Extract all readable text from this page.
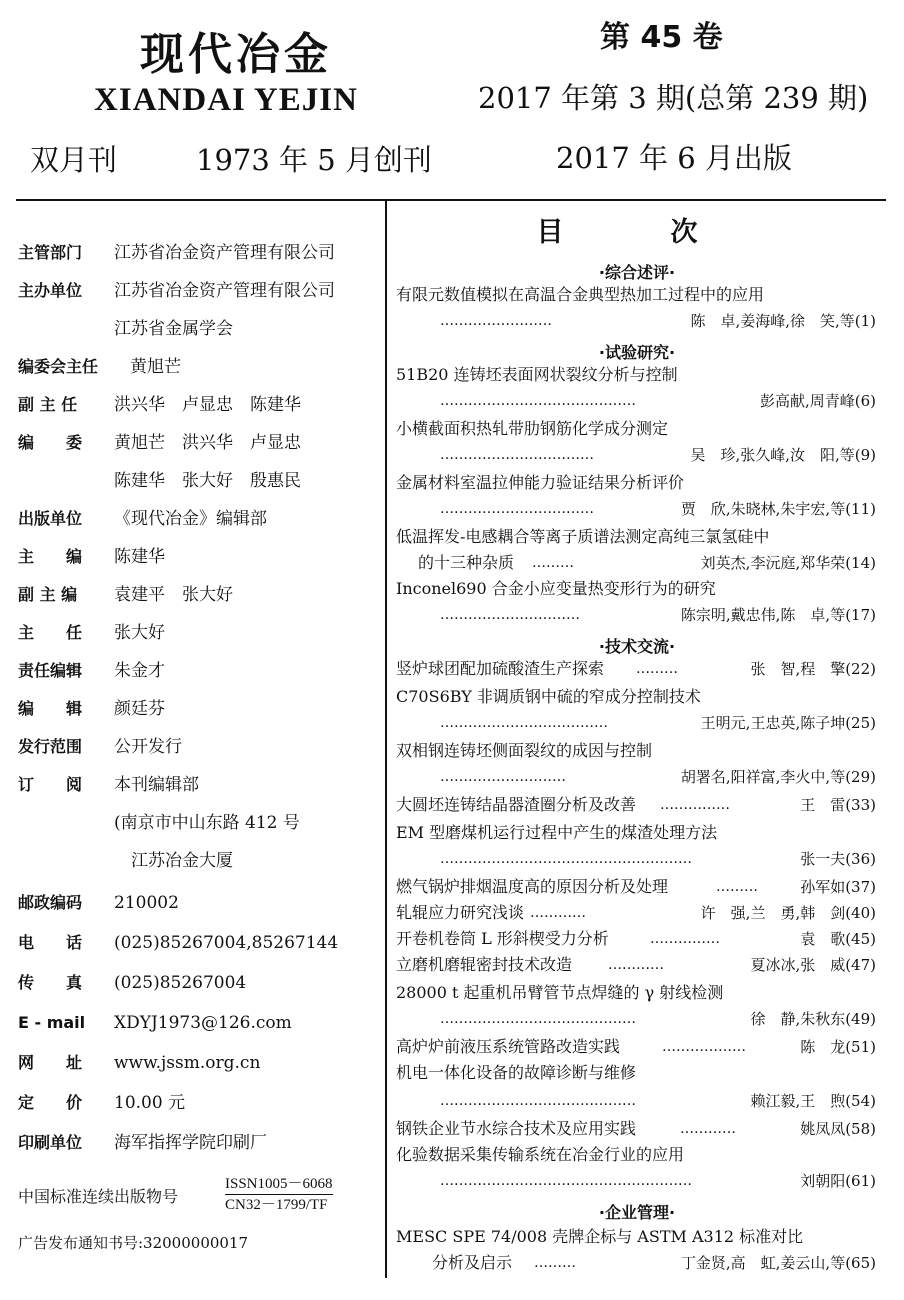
现代冶金
XIANDAI YEJIN
双月刊	1973 年 5 月创刊
第 45 卷
2017 年第 3 期(总第 239 期)
2017 年 6 月出版
主管部门 江苏省冶金资产管理有限公司
主办单位 江苏省冶金资产管理有限公司
江苏省金属学会
编委会主任 黄旭芒
副 主 任 洪兴华　卢显忠　陈建华
编　　委 黄旭芒　洪兴华　卢显忠
陈建华　张大好　殷惠民
出版单位 《现代冶金》编辑部
主　　编 陈建华
副 主 编 袁建平　张大好
主　　任 张大好
责任编辑 朱金才
编　　辑 颜廷芬
发行范围 公开发行
订　　阅 本刊编辑部
(南京市中山东路 412 号
　江苏冶金大厦
邮政编码 210002
电　　话 (025)85267004,85267144
传　　真 (025)85267004
E - mail XDYJ1973@126.com
网　　址 www.jssm.org.cn
定　　价 10.00 元
印刷单位 海军指挥学院印刷厂
中国标准连续出版物号
ISSN1005－6068
CN32－1799/TF
广告发布通知书号:32000000017
目　次
·综合述评·
有限元数值模拟在高温合金典型热加工过程中的应用
……………………	陈　卓,姜海峰,徐　笑,等(1)
·试验研究·
51B20 连铸坯表面网状裂纹分析与控制
……………………………………	彭高献,周青峰(6)
小横截面积热轧带肋钢筋化学成分测定
……………………………	吴　珍,张久峰,汝　阳,等(9)
金属材料室温拉伸能力验证结果分析评价
……………………………	贾　欣,朱晓林,朱宇宏,等(11)
低温挥发-电感耦合等离子质谱法测定高纯三氯氢硅中
的十三种杂质 ………	刘英杰,李沅庭,郑华荣(14)
Inconel690 合金小应变量热变形行为的研究
…………………………	陈宗明,戴忠伟,陈　卓,等(17)
·技术交流·
竖炉球团配加硫酸渣生产探索 ………	张　智,程　擎(22)
C70S6BY 非调质钢中硫的窄成分控制技术
………………………………	王明元,王忠英,陈子坤(25)
双相钢连铸坯侧面裂纹的成因与控制
………………………	胡署名,阳祥富,李火中,等(29)
大圆坯连铸结晶器渣圈分析及改善 ……………	王　雷(33)
EM 型磨煤机运行过程中产生的煤渣处理方法
………………………………………………	张一夫(36)
燃气锅炉排烟温度高的原因分析及处理	………	孙军如(37)
轧辊应力研究浅谈 …………	许　强,兰　勇,韩　剑(40)
开卷机卷筒 L 形斜楔受力分析	……………	袁　歌(45)
立磨机磨辊密封技术改造	…………	夏冰冰,张　威(47)
28000 t 起重机吊臂管节点焊缝的 γ 射线检测
……………………………………	徐　静,朱秋东(49)
高炉炉前液压系统管路改造实践	………………	陈　龙(51)
机电一体化设备的故障诊断与维修
……………………………………	赖江毅,王　煦(54)
钢铁企业节水综合技术及应用实践	…………	姚凤凤(58)
化验数据采集传输系统在冶金行业的应用
………………………………………………	刘朝阳(61)
·企业管理·
MESC SPE 74/008 壳牌企标与 ASTM A312 标准对比
分析及启示 ………	丁金贤,高　虹,姜云山,等(65)
